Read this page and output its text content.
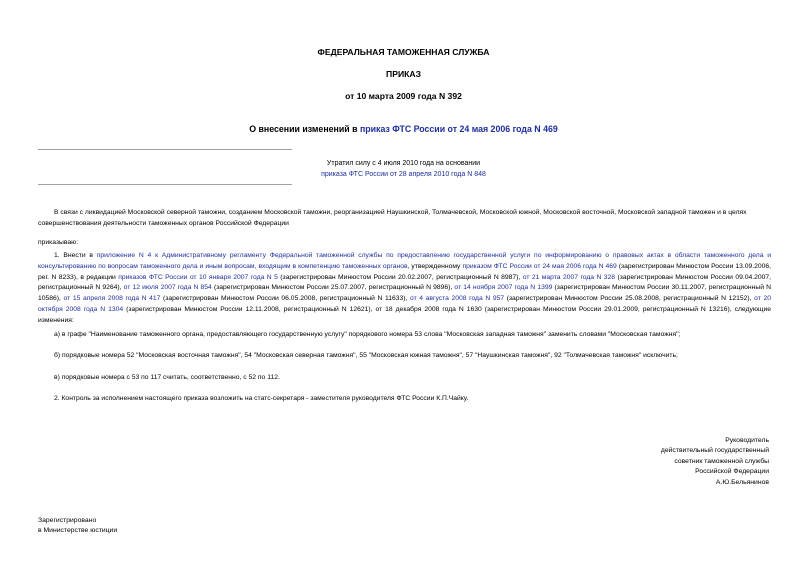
ФЕДЕРАЛЬНАЯ ТАМОЖЕННАЯ СЛУЖБА
ПРИКАЗ
от 10 марта 2009 года N 392
О внесении изменений в приказ ФТС России от 24 мая 2006 года N 469
Утратил силу с 4 июля 2010 года на основании
приказа ФТС России от 28 апреля 2010 года N 848

В связи с ликвидацией Московской северной таможни, созданием Московской таможни, реорганизацией Наушкинской, Толмачевской, Московской южной, Московской восточной, Московской западной таможен и в целях совершенствования деятельности таможенных органов Российской Федерации

приказываю:

1. Внести в приложение N 4 к Административному регламенту Федеральной таможенной службы по предоставлению государственной услуги по информированию о правовых актах в области таможенного дела и консультированию по вопросам таможенного дела и иным вопросам, входящим в компетенцию таможенных органов, утвержденному приказом ФТС России от 24 мая 2006 года N 469 (зарегистрирован Минюстом России 13.09.2006, рег. N 8233), в редакции приказов ФТС России от 10 января 2007 года N 5 (зарегистрирован Минюстом России 20.02.2007, регистрационный N 8987), от 21 марта 2007 года N 328 (зарегистрирован Минюстом России 09.04.2007, регистрационный N 9264), от 12 июля 2007 года N 854 (зарегистрирован Минюстом России 25.07.2007, регистрационный N 9896), от 14 ноября 2007 года N 1399 (зарегистрирован Минюстом России 30.11.2007, регистрационный N 10586), от 15 апреля 2008 года N 417 (зарегистрирован Минюстом России 06.05.2008, регистрационный N 11633), от 4 августа 2008 года N 957 (зарегистрирован Минюстом России 25.08.2008, регистрационный N 12152), от 20 октября 2008 года N 1304 (зарегистрирован Минюстом России 12.11.2008, регистрационный N 12621), от 18 декабря 2008 года N 1630 (зарегистрирован Минюстом России 29.01.2009, регистрационный N 13216), следующие изменения:

а) в графе "Наименование таможенного органа, предоставляющего государственную услугу" порядкового номера 53 слова "Московская западная таможня" заменить словами "Московская таможня";

б) порядковые номера 52 "Московская восточная таможня", 54 "Московская северная таможня", 55 "Московская южная таможня", 57 "Наушкинская таможня", 92 "Толмачевская таможня" исключить;

в) порядковые номера с 53 по 117 считать, соответственно, с 52 по 112.

2. Контроль за исполнением настоящего приказа возложить на статс-секретаря - заместителя руководителя ФТС России К.П.Чайку.

Руководитель
действительный государственный
советник таможенной службы
Российской Федерации
А.Ю.Бельянинов
Зарегистрировано
в Министерстве юстиции
